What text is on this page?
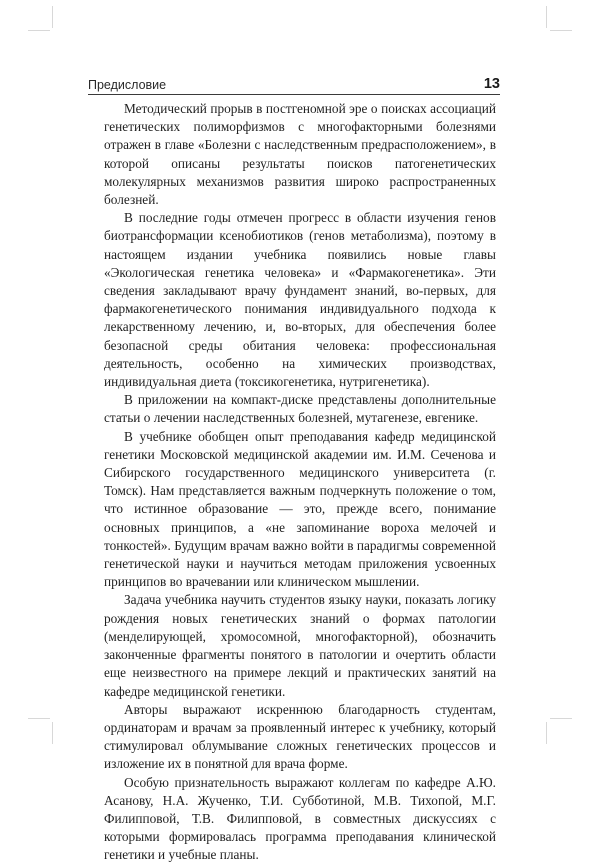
Предисловие	13

Методический прорыв в постгеномной эре о поисках ассоциаций генетических полиморфизмов с многофакторными болезнями отражен в главе «Болезни с наследственным предрасположением», в которой описаны результаты поисков патогенетических молекулярных механизмов развития широко распространенных болезней.

В последние годы отмечен прогресс в области изучения генов биотрансформации ксенобиотиков (генов метаболизма), поэтому в настоящем издании учебника появились новые главы «Экологическая генетика человека» и «Фармакогенетика». Эти сведения закладывают врачу фундамент знаний, во-первых, для фармакогенетического понимания индивидуального подхода к лекарственному лечению, и, во-вторых, для обеспечения более безопасной среды обитания человека: профессиональная деятельность, особенно на химических производствах, индивидуальная диета (токсикогенетика, нутригенетика).

В приложении на компакт-диске представлены дополнительные статьи о лечении наследственных болезней, мутагенезе, евгенике.

В учебнике обобщен опыт преподавания кафедр медицинской генетики Московской медицинской академии им. И.М. Сеченова и Сибирского государственного медицинского университета (г. Томск). Нам представляется важным подчеркнуть положение о том, что истинное образование — это, прежде всего, понимание основных принципов, а «не запоминание вороха мелочей и тонкостей». Будущим врачам важно войти в парадигмы современной генетической науки и научиться методам приложения усвоенных принципов во врачевании или клиническом мышлении.

Задача учебника научить студентов языку науки, показать логику рождения новых генетических знаний о формах патологии (менделирующей, хромосомной, многофакторной), обозначить законченные фрагменты понятого в патологии и очертить области еще неизвестного на примере лекций и практических занятий на кафедре медицинской генетики.

Авторы выражают искреннюю благодарность студентам, ординаторам и врачам за проявленный интерес к учебнику, который стимулировал облумывание сложных генетических процессов и изложение их в понятной для врача форме.

Особую признательность выражают коллегам по кафедре А.Ю. Асанову, Н.А. Жученко, Т.И. Субботиной, М.В. Тихопой, М.Г. Филипповой, Т.В. Филипповой, в совместных дискуссиях с которыми формировалась программа преподавания клинической генетики и учебные планы.
